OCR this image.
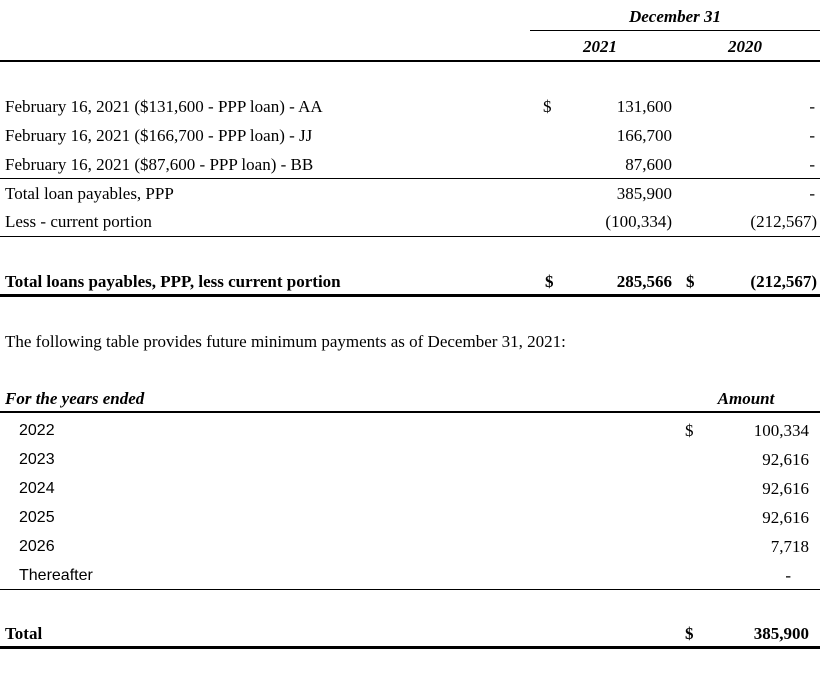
December 31
2021	2020
February 16, 2021 ($131,600 - PPP loan) - AA	$	131,600	-
February 16, 2021 ($166,700 - PPP loan) - JJ	166,700	-
February 16, 2021 ($87,600 - PPP loan) - BB	87,600	-
Total loan payables, PPP	385,900	-
Less - current portion	(100,334)	(212,567)
Total loans payables, PPP, less current portion	$	285,566 $	(212,567)
The following table provides future minimum payments as of December 31, 2021:
For the years ended	Amount
2022	$	100,334
2023	92,616
2024	92,616
2025	92,616
2026	7,718
Thereafter	-
Total	$	385,900
